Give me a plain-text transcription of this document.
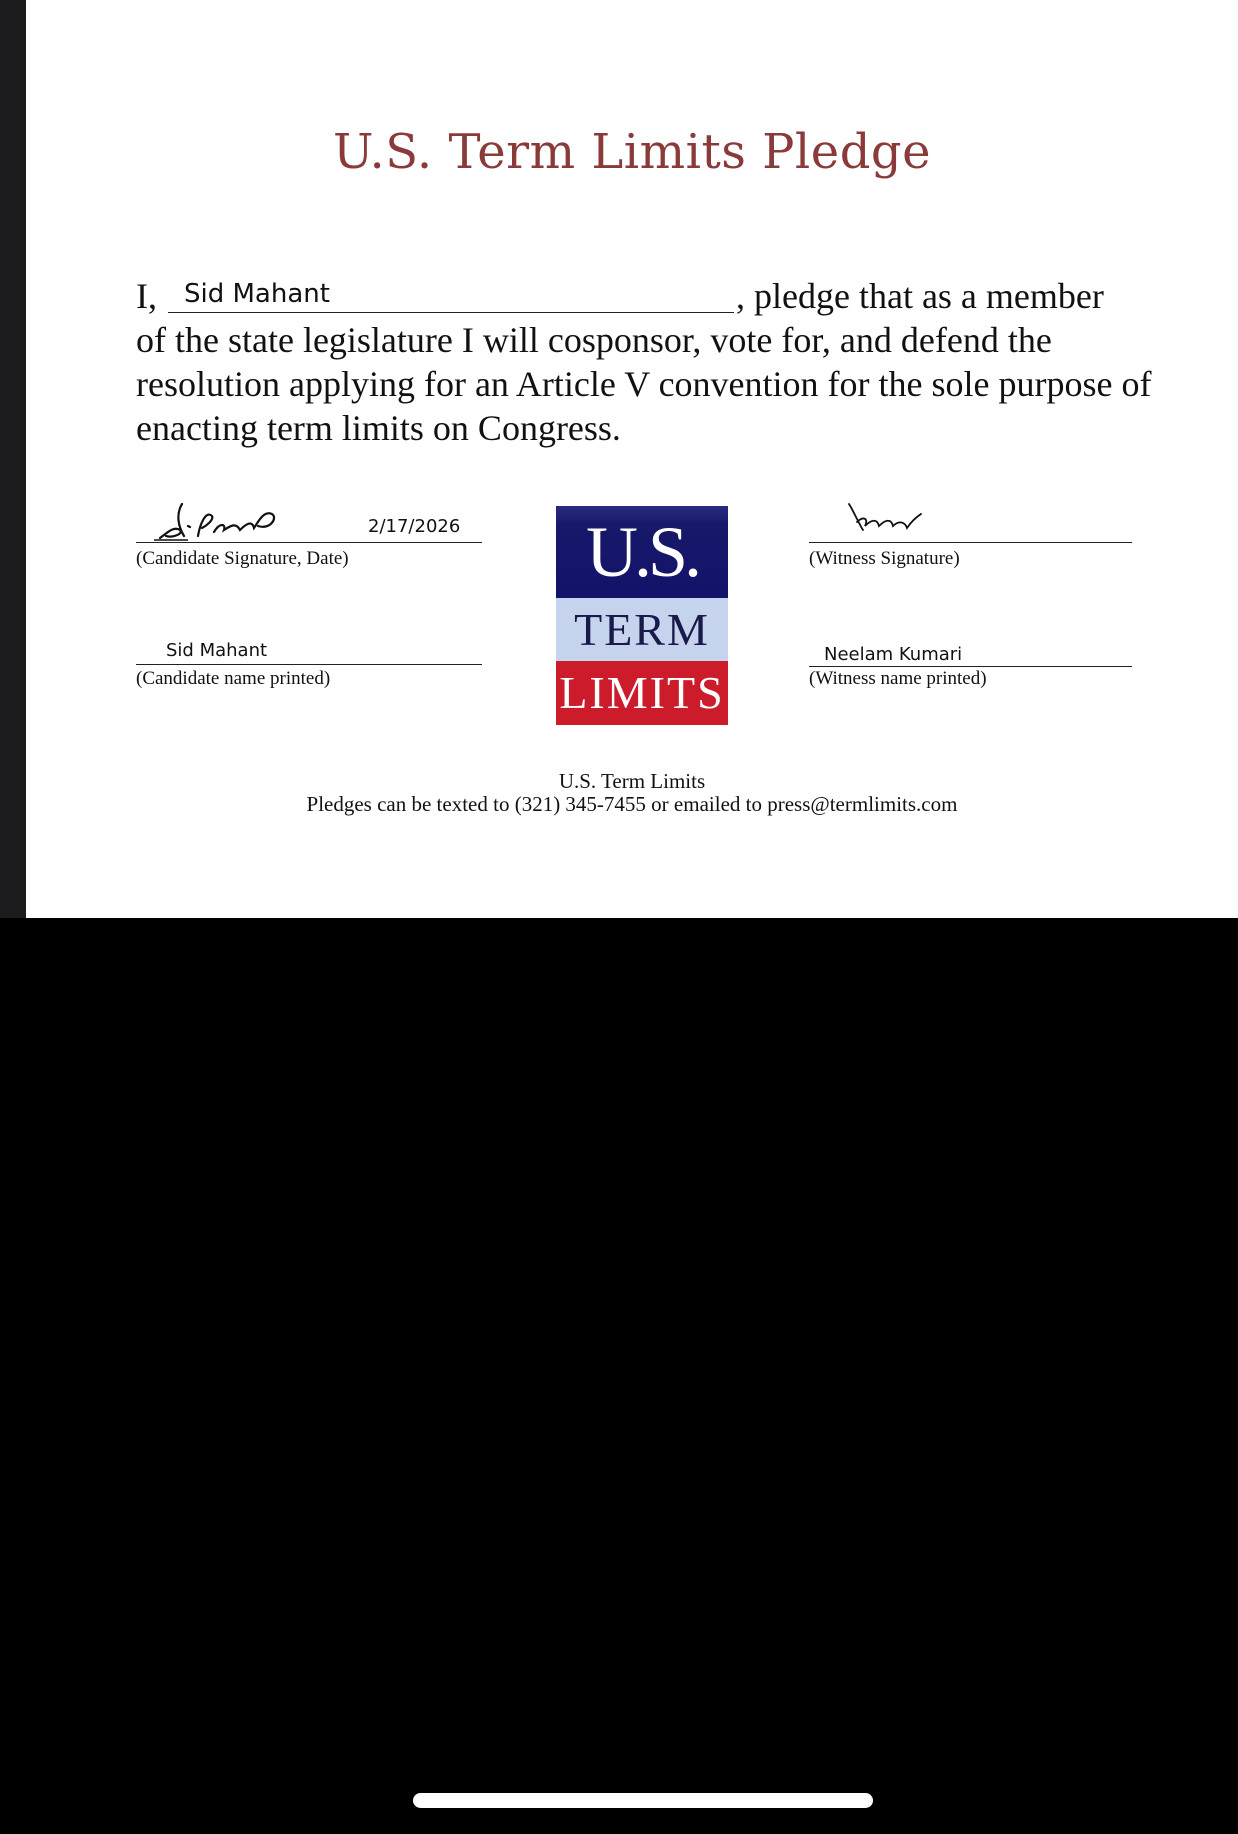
U.S. Term Limits Pledge
I, Sid Mahant	, pledge that as a member

of the state legislature I will cosponsor, vote for, and defend the resolution applying for an Article V convention for the sole purpose of enacting term limits on Congress.

2/17/2026
(Candidate Signature, Date)
Sid Mahant
(Candidate name printed)
U.S.
TERM
LIMITS
(Witness Signature)
Neelam Kumari
(Witness name printed)
U.S. Term Limits
Pledges can be texted to (321) 345-7455 or emailed to press@termlimits.com
